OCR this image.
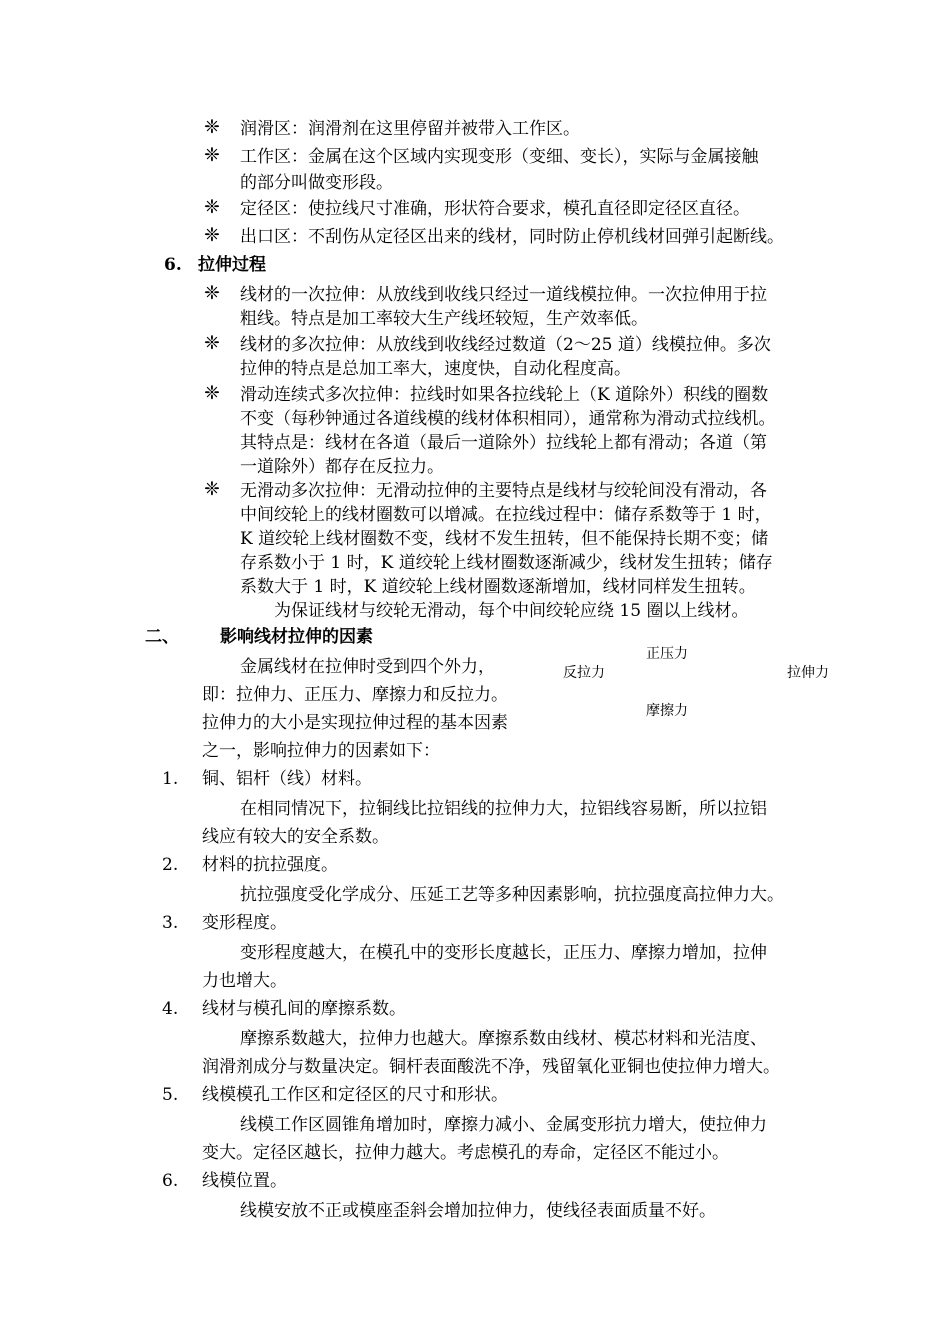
❈ 润滑区：润滑剂在这里停留并被带入工作区。
❈ 工作区：金属在这个区域内实现变形（变细、变长），实际与金属接触
的部分叫做变形段。
❈ 定径区：使拉线尺寸准确，形状符合要求，模孔直径即定径区直径。
❈ 出口区：不刮伤从定径区出来的线材，同时防止停机线材回弹引起断线。
6. 拉伸过程
❈ 线材的一次拉伸：从放线到收线只经过一道线模拉伸。一次拉伸用于拉
粗线。特点是加工率较大生产线坯较短，生产效率低。
❈ 线材的多次拉伸：从放线到收线经过数道（2～25 道）线模拉伸。多次
拉伸的特点是总加工率大，速度快，自动化程度高。
❈ 滑动连续式多次拉伸：拉线时如果各拉线轮上（K 道除外）积线的圈数
不变（每秒钟通过各道线模的线材体积相同），通常称为滑动式拉线机。
其特点是：线材在各道（最后一道除外）拉线轮上都有滑动；各道（第
一道除外）都存在反拉力。
❈ 无滑动多次拉伸：无滑动拉伸的主要特点是线材与绞轮间没有滑动，各
中间绞轮上的线材圈数可以增减。在拉线过程中：储存系数等于 1 时，
K 道绞轮上线材圈数不变，线材不发生扭转，但不能保持长期不变；储
存系数小于 1 时，K 道绞轮上线材圈数逐渐减少，线材发生扭转；储存
系数大于 1 时，K 道绞轮上线材圈数逐渐增加，线材同样发生扭转。
为保证线材与绞轮无滑动，每个中间绞轮应绕 15 圈以上线材。
二、 影响线材拉伸的因素
金属线材在拉伸时受到四个外力，
即：拉伸力、正压力、摩擦力和反拉力。
拉伸力的大小是实现拉伸过程的基本因素
之一，影响拉伸力的因素如下：
正压力
反拉力	拉伸力
摩擦力
1. 铜、铝杆（线）材料。
在相同情况下，拉铜线比拉铝线的拉伸力大，拉铝线容易断，所以拉铝
线应有较大的安全系数。
2. 材料的抗拉强度。
抗拉强度受化学成分、压延工艺等多种因素影响，抗拉强度高拉伸力大。
3. 变形程度。
变形程度越大，在模孔中的变形长度越长，正压力、摩擦力增加，拉伸
力也增大。
4. 线材与模孔间的摩擦系数。
摩擦系数越大，拉伸力也越大。摩擦系数由线材、模芯材料和光洁度、
润滑剂成分与数量决定。铜杆表面酸洗不净，残留氧化亚铜也使拉伸力增大。
5. 线模模孔工作区和定径区的尺寸和形状。
线模工作区圆锥角增加时，摩擦力减小、金属变形抗力增大，使拉伸力
变大。定径区越长，拉伸力越大。考虑模孔的寿命，定径区不能过小。
6. 线模位置。
线模安放不正或模座歪斜会增加拉伸力，使线径表面质量不好。
